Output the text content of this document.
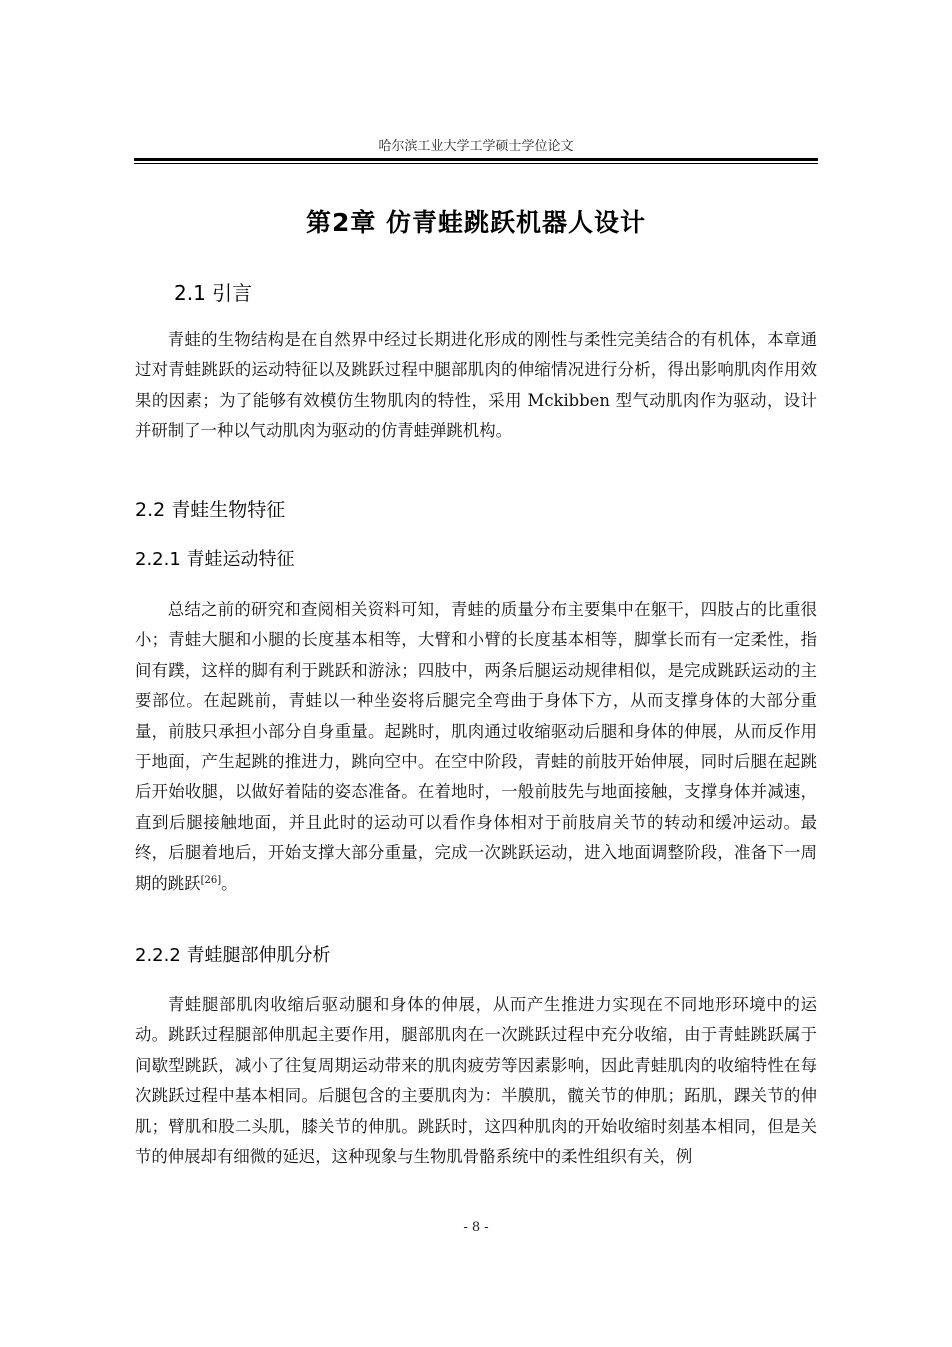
哈尔滨工业大学工学硕士学位论文
第2章 仿青蛙跳跃机器人设计
2.1 引言

青蛙的生物结构是在自然界中经过长期进化形成的刚性与柔性完美结合的有机体，本章通过对青蛙跳跃的运动特征以及跳跃过程中腿部肌肉的伸缩情况进行分析，得出影响肌肉作用效果的因素；为了能够有效模仿生物肌肉的特性，采用 Mckibben 型气动肌肉作为驱动，设计并研制了一种以气动肌肉为驱动的仿青蛙弹跳机构。

2.2 青蛙生物特征
2.2.1 青蛙运动特征

总结之前的研究和查阅相关资料可知，青蛙的质量分布主要集中在躯干，四肢占的比重很小；青蛙大腿和小腿的长度基本相等，大臂和小臂的长度基本相等，脚掌长而有一定柔性，指间有蹼，这样的脚有利于跳跃和游泳；四肢中，两条后腿运动规律相似，是完成跳跃运动的主要部位。在起跳前，青蛙以一种坐姿将后腿完全弯曲于身体下方，从而支撑身体的大部分重量，前肢只承担小部分自身重量。起跳时，肌肉通过收缩驱动后腿和身体的伸展，从而反作用于地面，产生起跳的推进力，跳向空中。在空中阶段，青蛙的前肢开始伸展，同时后腿在起跳后开始收腿，以做好着陆的姿态准备。在着地时，一般前肢先与地面接触，支撑身体并减速，直到后腿接触地面，并且此时的运动可以看作身体相对于前肢肩关节的转动和缓冲运动。最终，后腿着地后，开始支撑大部分重量，完成一次跳跃运动，进入地面调整阶段，准备下一周期的跳跃[26]。

2.2.2 青蛙腿部伸肌分析

青蛙腿部肌肉收缩后驱动腿和身体的伸展，从而产生推进力实现在不同地形环境中的运动。跳跃过程腿部伸肌起主要作用，腿部肌肉在一次跳跃过程中充分收缩，由于青蛙跳跃属于间歇型跳跃，减小了往复周期运动带来的肌肉疲劳等因素影响，因此青蛙肌肉的收缩特性在每次跳跃过程中基本相同。后腿包含的主要肌肉为：半膜肌，髋关节的伸肌；跖肌，踝关节的伸肌；臂肌和股二头肌，膝关节的伸肌。跳跃时，这四种肌肉的开始收缩时刻基本相同，但是关节的伸展却有细微的延迟，这种现象与生物肌骨骼系统中的柔性组织有关，例

- 8 -
